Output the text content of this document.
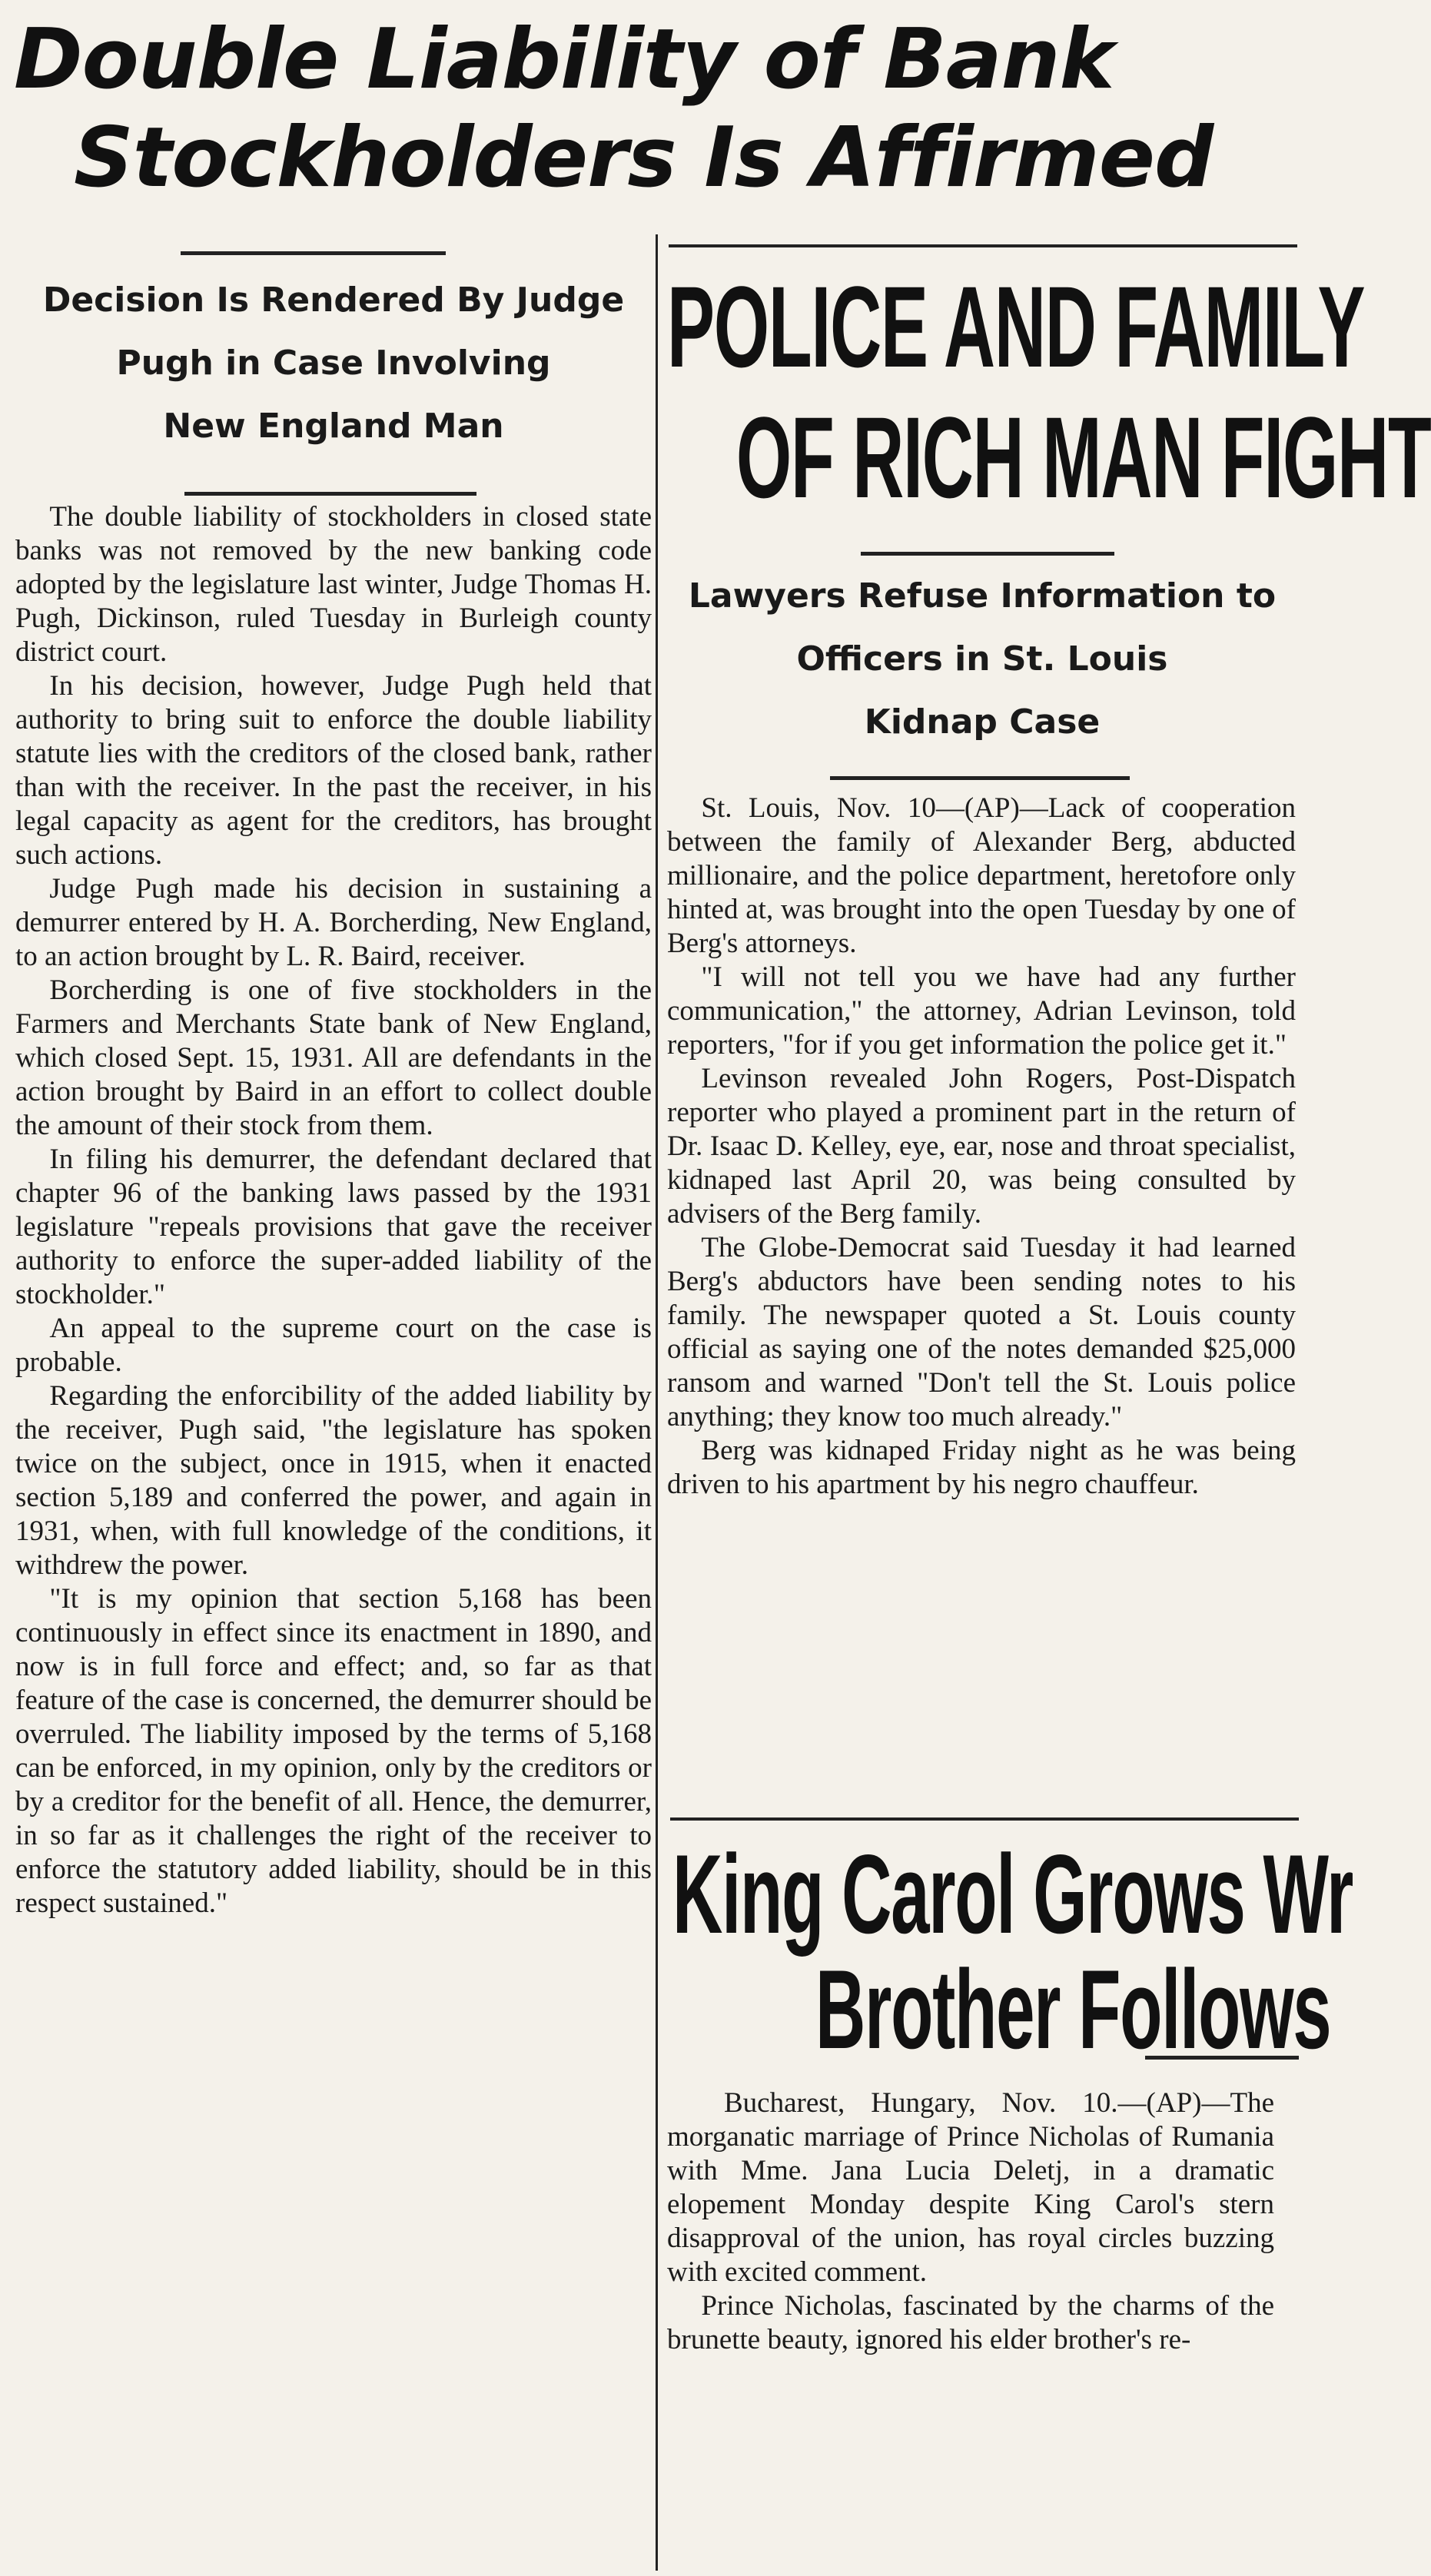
Double Liability of Bank
Stockholders Is Affirmed
Decision Is Rendered By Judge
Pugh in Case Involving
New England Man

The double liability of stockholders in closed state banks was not removed by the new banking code adopted by the legislature last winter, Judge Thomas H. Pugh, Dickinson, ruled Tuesday in Burleigh county district court.

In his decision, however, Judge Pugh held that authority to bring suit to enforce the double liability statute lies with the creditors of the closed bank, rather than with the receiver. In the past the receiver, in his legal capacity as agent for the creditors, has brought such actions.

Judge Pugh made his decision in sustaining a demurrer entered by H. A. Borcherding, New England, to an action brought by L. R. Baird, receiver.

Borcherding is one of five stockholders in the Farmers and Merchants State bank of New England, which closed Sept. 15, 1931. All are defendants in the action brought by Baird in an effort to collect double the amount of their stock from them.

In filing his demurrer, the defendant declared that chapter 96 of the banking laws passed by the 1931 legislature "repeals provisions that gave the receiver authority to enforce the super-added liability of the stockholder."

An appeal to the supreme court on the case is probable.

Regarding the enforcibility of the added liability by the receiver, Pugh said, "the legislature has spoken twice on the subject, once in 1915, when it enacted section 5,189 and conferred the power, and again in 1931, when, with full knowledge of the conditions, it withdrew the power.

"It is my opinion that section 5,168 has been continuously in effect since its enactment in 1890, and now is in full force and effect; and, so far as that feature of the case is concerned, the demurrer should be overruled. The liability imposed by the terms of 5,168 can be enforced, in my opinion, only by the creditors or by a creditor for the benefit of all. Hence, the demurrer, in so far as it challenges the right of the receiver to enforce the statutory added liability, should be in this respect sustained."

POLICE AND FAMILY
OF RICH MAN FIGHT
Lawyers Refuse Information to
Officers in St. Louis
Kidnap Case

St. Louis, Nov. 10—(AP)—Lack of cooperation between the family of Alexander Berg, abducted millionaire, and the police department, heretofore only hinted at, was brought into the open Tuesday by one of Berg's attorneys.

"I will not tell you we have had any further communication," the attorney, Adrian Levinson, told reporters, "for if you get information the police get it."

Levinson revealed John Rogers, Post-Dispatch reporter who played a prominent part in the return of Dr. Isaac D. Kelley, eye, ear, nose and throat specialist, kidnaped last April 20, was being consulted by advisers of the Berg family.

The Globe-Democrat said Tuesday it had learned Berg's abductors have been sending notes to his family. The newspaper quoted a St. Louis county official as saying one of the notes demanded $25,000 ransom and warned "Don't tell the St. Louis police anything; they know too much already."

Berg was kidnaped Friday night as he was being driven to his apartment by his negro chauffeur.

King Carol Grows Wr
Brother Follows

Bucharest, Hungary, Nov. 10.—(AP)—The morganatic marriage of Prince Nicholas of Rumania with Mme. Jana Lucia Deletj, in a dramatic elopement Monday despite King Carol's stern disapproval of the union, has royal circles buzzing with excited comment.

Prince Nicholas, fascinated by the charms of the brunette beauty, ignored his elder brother's re-
